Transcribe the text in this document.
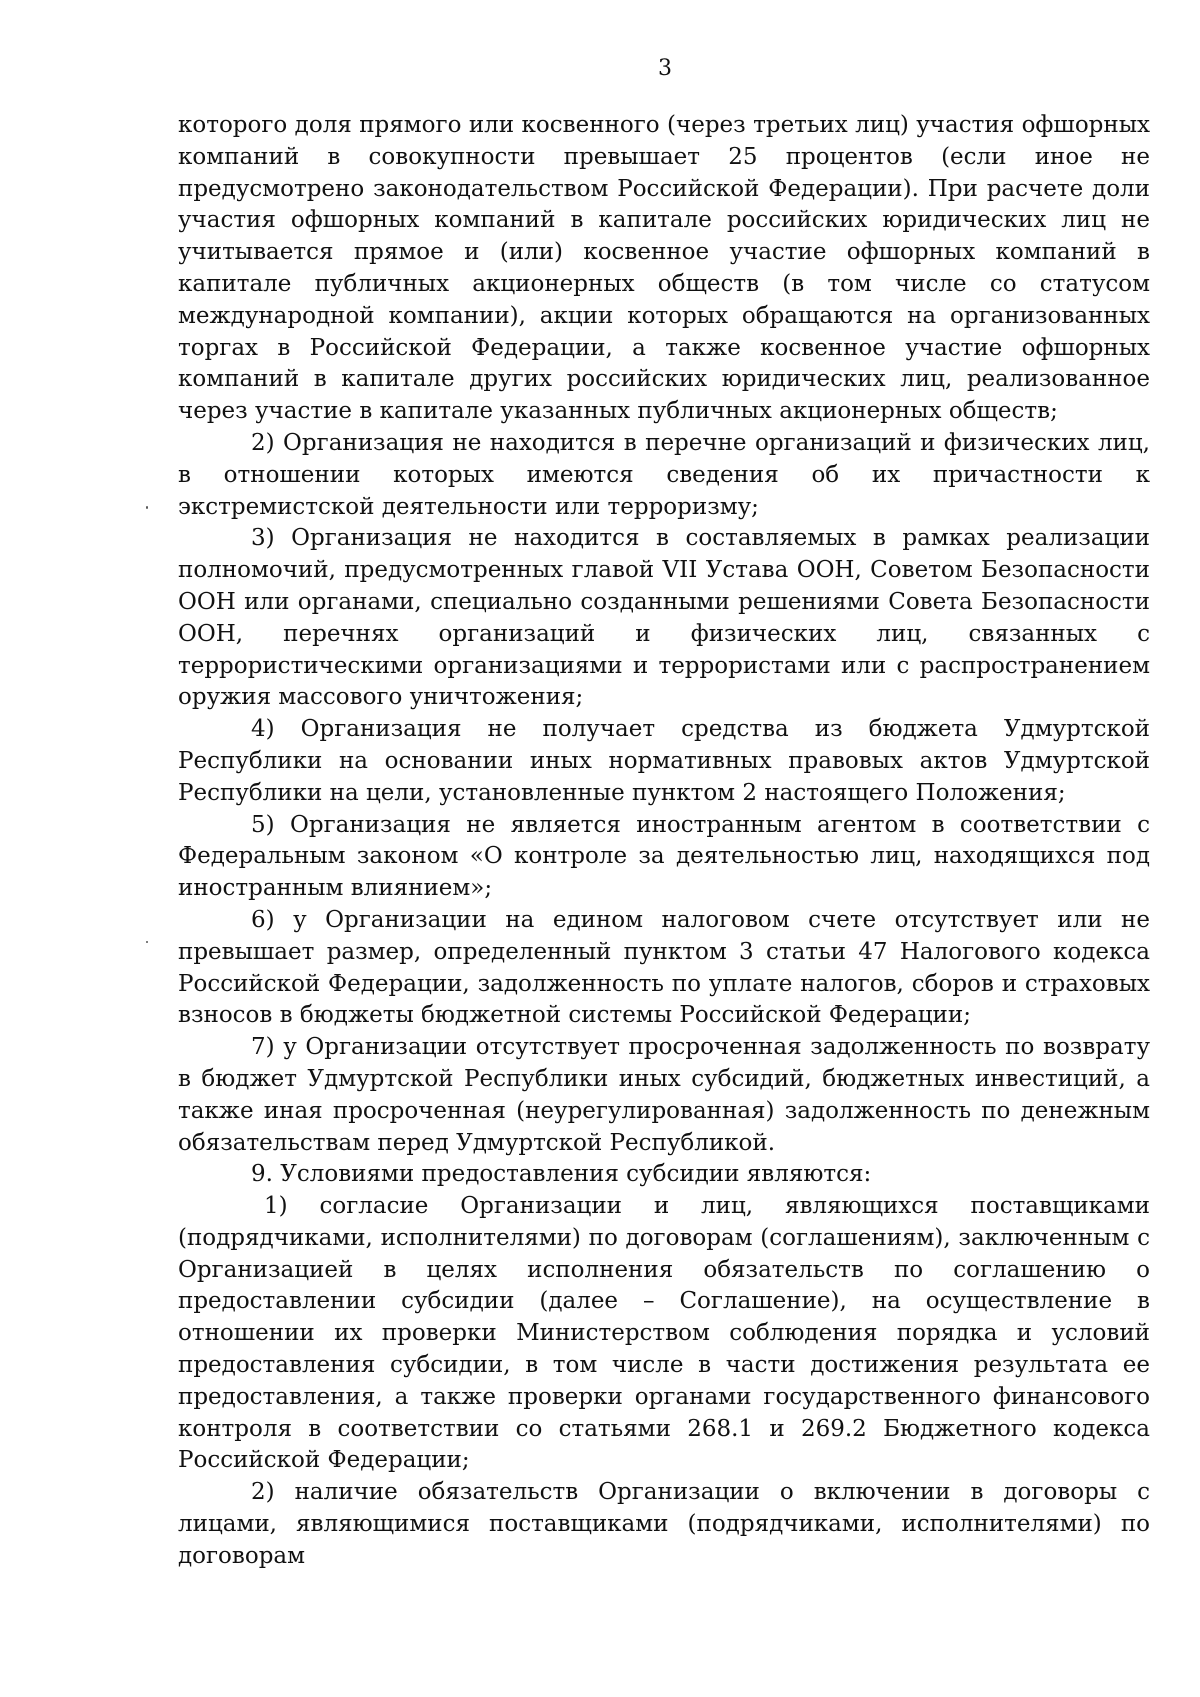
3

которого доля прямого или косвенного (через третьих лиц) участия офшорных компаний в совокупности превышает 25 процентов (если иное не предусмотрено законодательством Российской Федерации). При расчете доли участия офшорных компаний в капитале российских юридических лиц не учитывается прямое и (или) косвенное участие офшорных компаний в капитале публичных акционерных обществ (в том числе со статусом международной компании), акции которых обращаются на организованных торгах в Российской Федерации, а также косвенное участие офшорных компаний в капитале других российских юридических лиц, реализованное через участие в капитале указанных публичных акционерных обществ;

2) Организация не находится в перечне организаций и физических лиц, в отношении которых имеются сведения об их причастности к экстремистской деятельности или терроризму;

3) Организация не находится в составляемых в рамках реализации полномочий, предусмотренных главой VII Устава ООН, Советом Безопасности ООН или органами, специально созданными решениями Совета Безопасности ООН, перечнях организаций и физических лиц, связанных с террористическими организациями и террористами или с распространением оружия массового уничтожения;

4) Организация не получает средства из бюджета Удмуртской Республики на основании иных нормативных правовых актов Удмуртской Республики на цели, установленные пунктом 2 настоящего Положения;

5) Организация не является иностранным агентом в соответствии с Федеральным законом «О контроле за деятельностью лиц, находящихся под иностранным влиянием»;

6) у Организации на едином налоговом счете отсутствует или не превышает размер, определенный пунктом 3 статьи 47 Налогового кодекса Российской Федерации, задолженность по уплате налогов, сборов и страховых взносов в бюджеты бюджетной системы Российской Федерации;

7) у Организации отсутствует просроченная задолженность по возврату в бюджет Удмуртской Республики иных субсидий, бюджетных инвестиций, а также иная просроченная (неурегулированная) задолженность по денежным обязательствам перед Удмуртской Республикой.

9. Условиями предоставления субсидии являются:

1) согласие Организации и лиц, являющихся поставщиками (подрядчиками, исполнителями) по договорам (соглашениям), заключенным с Организацией в целях исполнения обязательств по соглашению о предоставлении субсидии (далее – Соглашение), на осуществление в отношении их проверки Министерством соблюдения порядка и условий предоставления субсидии, в том числе в части достижения результата ее предоставления, а также проверки органами государственного финансового контроля в соответствии со статьями 268.1 и 269.2 Бюджетного кодекса Российской Федерации;

2) наличие обязательств Организации о включении в договоры с лицами, являющимися поставщиками (подрядчиками, исполнителями) по договорам
